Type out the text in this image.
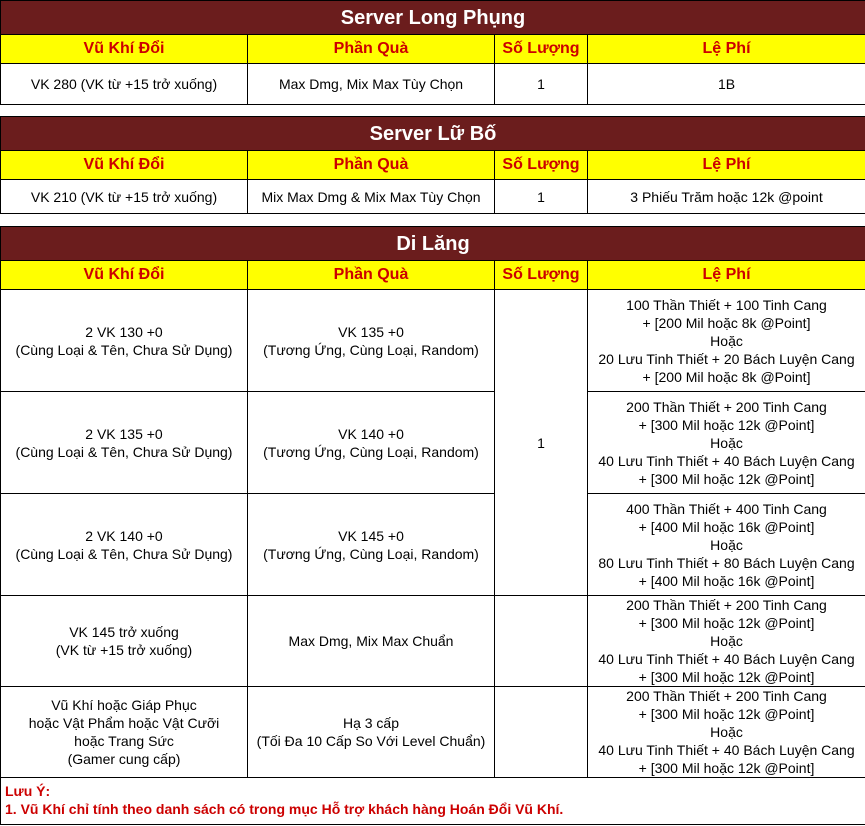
Server Long Phụng			
Vũ Khí Đổi	Phần Quà	Số Lượng	Lệ Phí
VK 280 (VK từ +15 trở xuống)	Max Dmg, Mix Max Tùy Chọn	1	1B
Server Lữ Bố			
Vũ Khí Đổi	Phần Quà	Số Lượng	Lệ Phí
VK 210 (VK từ +15 trở xuống)	Mix Max Dmg & Mix Max Tùy Chọn	1	3 Phiếu Trăm hoặc 12k @point
Di Lăng			
Vũ Khí Đổi	Phần Quà	Số Lượng	Lệ Phí

2 VK 130 +0
(Cùng Loại & Tên, Chưa Sử Dụng)	VK 135 +0
(Tương Ứng, Cùng Loại, Random)	1	100 Thần Thiết + 100 Tinh Cang
+ [200 Mil hoặc 8k @Point]
Hoặc
20 Lưu Tinh Thiết + 20 Bách Luyện Cang
+ [200 Mil hoặc 8k @Point]

2 VK 135 +0
(Cùng Loại & Tên, Chưa Sử Dụng)	VK 140 +0
(Tương Ứng, Cùng Loại, Random)		200 Thần Thiết + 200 Tinh Cang
+ [300 Mil hoặc 12k @Point]
Hoặc
40 Lưu Tinh Thiết + 40 Bách Luyện Cang
+ [300 Mil hoặc 12k @Point]

2 VK 140 +0
(Cùng Loại & Tên, Chưa Sử Dụng)	VK 145 +0
(Tương Ứng, Cùng Loại, Random)		400 Thần Thiết + 400 Tinh Cang
+ [400 Mil hoặc 16k @Point]
Hoặc
80 Lưu Tinh Thiết + 80 Bách Luyện Cang
+ [400 Mil hoặc 16k @Point]

VK 145 trở xuống
(VK từ +15 trở xuống)	Max Dmg, Mix Max Chuẩn		200 Thần Thiết + 200 Tinh Cang
+ [300 Mil hoặc 12k @Point]
Hoặc
40 Lưu Tinh Thiết + 40 Bách Luyện Cang
+ [300 Mil hoặc 12k @Point]

Vũ Khí hoặc Giáp Phục
hoặc Vật Phẩm hoặc Vật Cưỡi
hoặc Trang Sức
(Gamer cung cấp)	Hạ 3 cấp
(Tối Đa 10 Cấp So Với Level Chuẩn)		200 Thần Thiết + 200 Tinh Cang
+ [300 Mil hoặc 12k @Point]
Hoặc
40 Lưu Tinh Thiết + 40 Bách Luyện Cang
+ [300 Mil hoặc 12k @Point]

Lưu Ý:
1. Vũ Khí chỉ tính theo danh sách có trong mục Hỗ trợ khách hàng Hoán Đổi Vũ Khí.			
